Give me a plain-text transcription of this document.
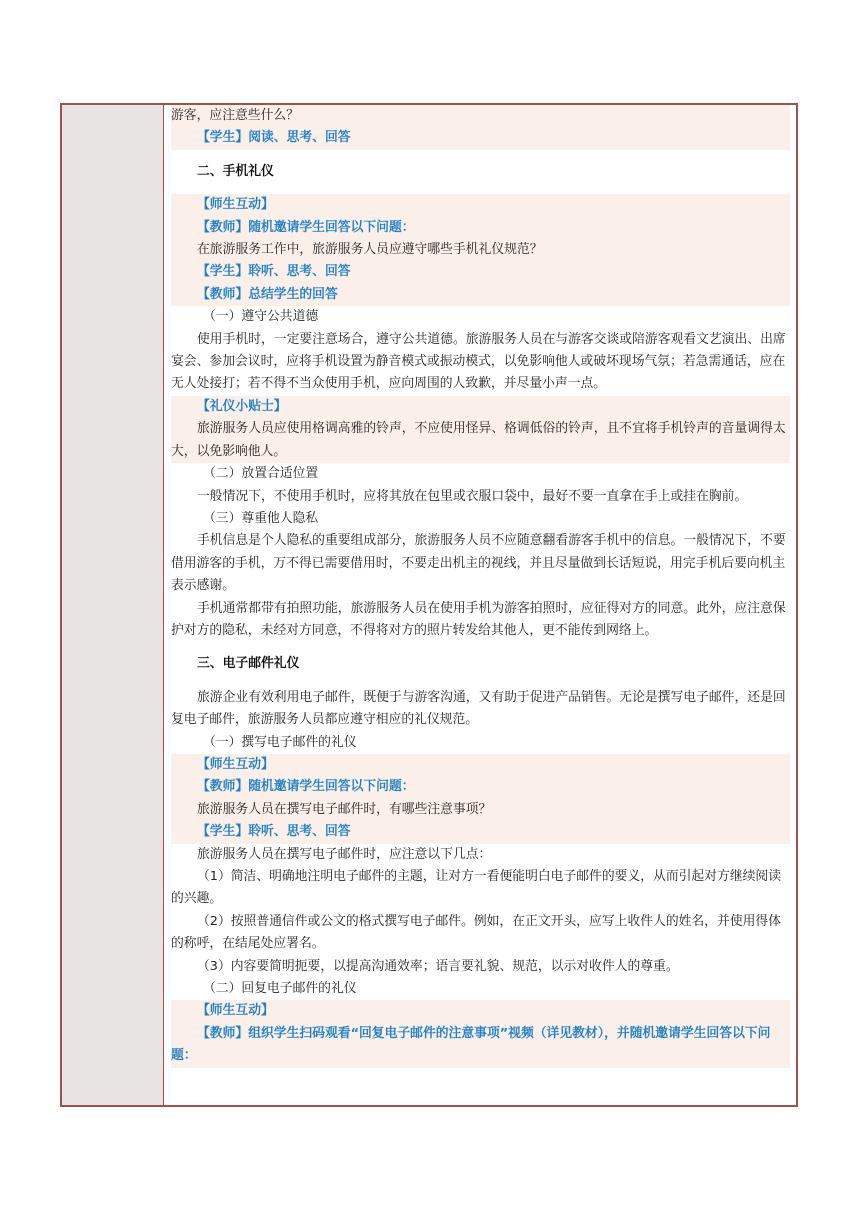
游客，应注意些什么？
【学生】阅读、思考、回答
二、手机礼仪
【师生互动】
【教师】随机邀请学生回答以下问题：
在旅游服务工作中，旅游服务人员应遵守哪些手机礼仪规范？
【学生】聆听、思考、回答
【教师】总结学生的回答
（一）遵守公共道德
使用手机时，一定要注意场合，遵守公共道德。旅游服务人员在与游客交谈或陪游客观看文艺演出、出席
宴会、参加会议时，应将手机设置为静音模式或振动模式，以免影响他人或破坏现场气氛；若急需通话，应在
无人处接打；若不得不当众使用手机，应向周围的人致歉，并尽量小声一点。
【礼仪小贴士】
旅游服务人员应使用格调高雅的铃声，不应使用怪异、格调低俗的铃声，且不宜将手机铃声的音量调得太
大，以免影响他人。
（二）放置合适位置
一般情况下，不使用手机时，应将其放在包里或衣服口袋中，最好不要一直拿在手上或挂在胸前。
（三）尊重他人隐私
手机信息是个人隐私的重要组成部分，旅游服务人员不应随意翻看游客手机中的信息。一般情况下，不要
借用游客的手机，万不得已需要借用时，不要走出机主的视线，并且尽量做到长话短说，用完手机后要向机主
表示感谢。
手机通常都带有拍照功能，旅游服务人员在使用手机为游客拍照时，应征得对方的同意。此外，应注意保
护对方的隐私，未经对方同意，不得将对方的照片转发给其他人，更不能传到网络上。
三、电子邮件礼仪
旅游企业有效利用电子邮件，既便于与游客沟通，又有助于促进产品销售。无论是撰写电子邮件，还是回
复电子邮件，旅游服务人员都应遵守相应的礼仪规范。
（一）撰写电子邮件的礼仪
【师生互动】
【教师】随机邀请学生回答以下问题：
旅游服务人员在撰写电子邮件时，有哪些注意事项？
【学生】聆听、思考、回答
旅游服务人员在撰写电子邮件时，应注意以下几点：
（1）简洁、明确地注明电子邮件的主题，让对方一看便能明白电子邮件的要义，从而引起对方继续阅读
的兴趣。
（2）按照普通信件或公文的格式撰写电子邮件。例如，在正文开头，应写上收件人的姓名，并使用得体
的称呼，在结尾处应署名。
（3）内容要简明扼要，以提高沟通效率；语言要礼貌、规范，以示对收件人的尊重。
（二）回复电子邮件的礼仪
【师生互动】
【教师】组织学生扫码观看“回复电子邮件的注意事项”视频（详见教材），并随机邀请学生回答以下问
题：
